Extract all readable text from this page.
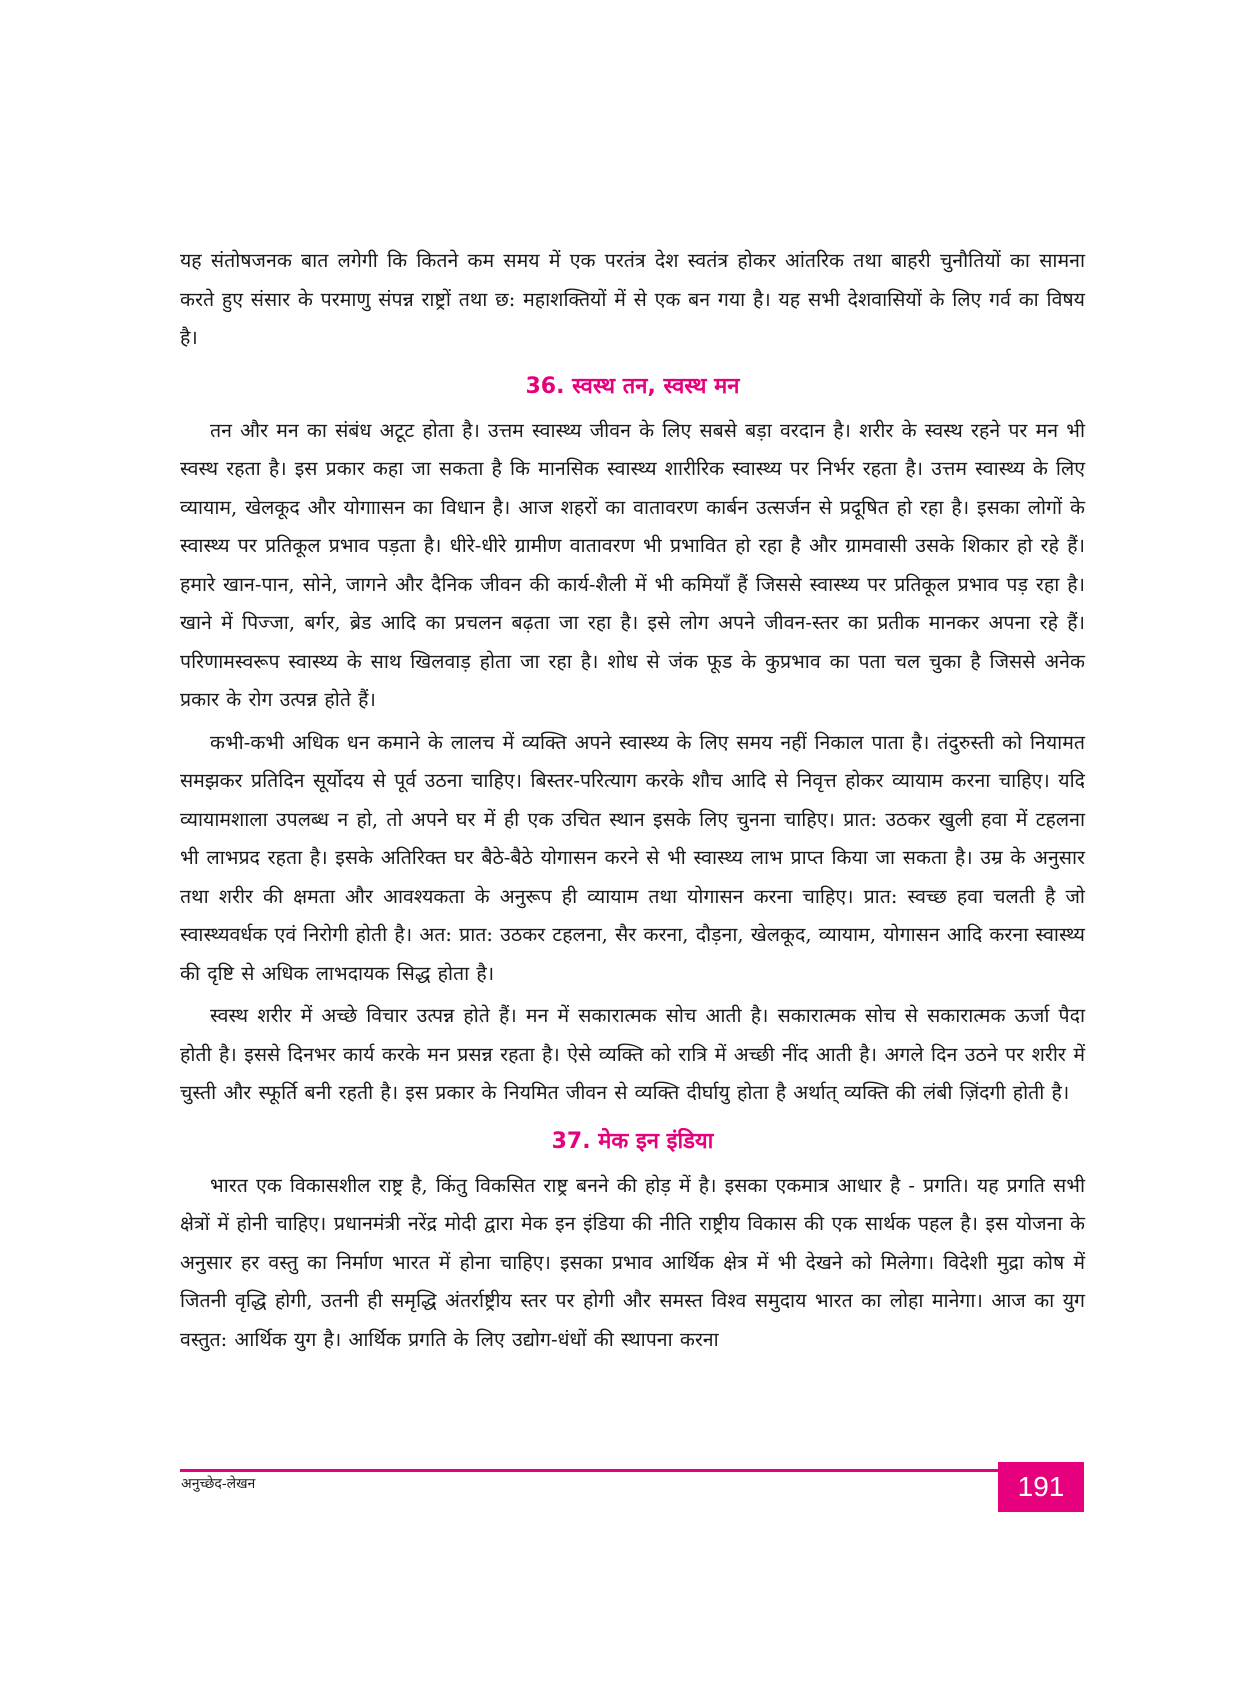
यह संतोषजनक बात लगेगी कि कितने कम समय में एक परतंत्र देश स्वतंत्र होकर आंतरिक तथा बाहरी चुनौतियों का सामना करते हुए संसार के परमाणु संपन्न राष्ट्रों तथा छ: महाशक्तियों में से एक बन गया है। यह सभी देशवासियों के लिए गर्व का विषय है।

36. स्वस्थ तन, स्वस्थ मन

तन और मन का संबंध अटूट होता है। उत्तम स्वास्थ्य जीवन के लिए सबसे बड़ा वरदान है। शरीर के स्वस्थ रहने पर मन भी स्वस्थ रहता है। इस प्रकार कहा जा सकता है कि मानसिक स्वास्थ्य शारीरिक स्वास्थ्य पर निर्भर रहता है। उत्तम स्वास्थ्य के लिए व्यायाम, खेलकूद और योगाासन का विधान है। आज शहरों का वातावरण कार्बन उत्सर्जन से प्रदूषित हो रहा है। इसका लोगों के स्वास्थ्य पर प्रतिकूल प्रभाव पड़ता है। धीरे-धीरे ग्रामीण वातावरण भी प्रभावित हो रहा है और ग्रामवासी उसके शिकार हो रहे हैं। हमारे खान-पान, सोने, जागने और दैनिक जीवन की कार्य-शैली में भी कमियाँ हैं जिससे स्वास्थ्य पर प्रतिकूल प्रभाव पड़ रहा है। खाने में पिज्जा, बर्गर, ब्रेड आदि का प्रचलन बढ़ता जा रहा है। इसे लोग अपने जीवन-स्तर का प्रतीक मानकर अपना रहे हैं। परिणामस्वरूप स्वास्थ्य के साथ खिलवाड़ होता जा रहा है। शोध से जंक फूड के कुप्रभाव का पता चल चुका है जिससे अनेक प्रकार के रोग उत्पन्न होते हैं।

कभी-कभी अधिक धन कमाने के लालच में व्यक्ति अपने स्वास्थ्य के लिए समय नहीं निकाल पाता है। तंदुरुस्ती को नियामत समझकर प्रतिदिन सूर्योदय से पूर्व उठना चाहिए। बिस्तर-परित्याग करके शौच आदि से निवृत्त होकर व्यायाम करना चाहिए। यदि व्यायामशाला उपलब्ध न हो, तो अपने घर में ही एक उचित स्थान इसके लिए चुनना चाहिए। प्रात: उठकर खुली हवा में टहलना भी लाभप्रद रहता है। इसके अतिरिक्त घर बैठे-बैठे योगासन करने से भी स्वास्थ्य लाभ प्राप्त किया जा सकता है। उम्र के अनुसार तथा शरीर की क्षमता और आवश्यकता के अनुरूप ही व्यायाम तथा योगासन करना चाहिए। प्रात: स्वच्छ हवा चलती है जो स्वास्थ्यवर्धक एवं निरोगी होती है। अत: प्रात: उठकर टहलना, सैर करना, दौड़ना, खेलकूद, व्यायाम, योगासन आदि करना स्वास्थ्य की दृष्टि से अधिक लाभदायक सिद्ध होता है।

स्वस्थ शरीर में अच्छे विचार उत्पन्न होते हैं। मन में सकारात्मक सोच आती है। सकारात्मक सोच से सकारात्मक ऊर्जा पैदा होती है। इससे दिनभर कार्य करके मन प्रसन्न रहता है। ऐसे व्यक्ति को रात्रि में अच्छी नींद आती है। अगले दिन उठने पर शरीर में चुस्ती और स्फूर्ति बनी रहती है। इस प्रकार के नियमित जीवन से व्यक्ति दीर्घायु होता है अर्थात् व्यक्ति की लंबी ज़िंदगी होती है।

37. मेक इन इंडिया

भारत एक विकासशील राष्ट्र है, किंतु विकसित राष्ट्र बनने की होड़ में है। इसका एकमात्र आधार है - प्रगति। यह प्रगति सभी क्षेत्रों में होनी चाहिए। प्रधानमंत्री नरेंद्र मोदी द्वारा मेक इन इंडिया की नीति राष्ट्रीय विकास की एक सार्थक पहल है। इस योजना के अनुसार हर वस्तु का निर्माण भारत में होना चाहिए। इसका प्रभाव आर्थिक क्षेत्र में भी देखने को मिलेगा। विदेशी मुद्रा कोष में जितनी वृद्धि होगी, उतनी ही समृद्धि अंतर्राष्ट्रीय स्तर पर होगी और समस्त विश्व समुदाय भारत का लोहा मानेगा। आज का युग वस्तुत: आर्थिक युग है। आर्थिक प्रगति के लिए उद्योग-धंधों की स्थापना करना

अनुच्छेद-लेखन	191
